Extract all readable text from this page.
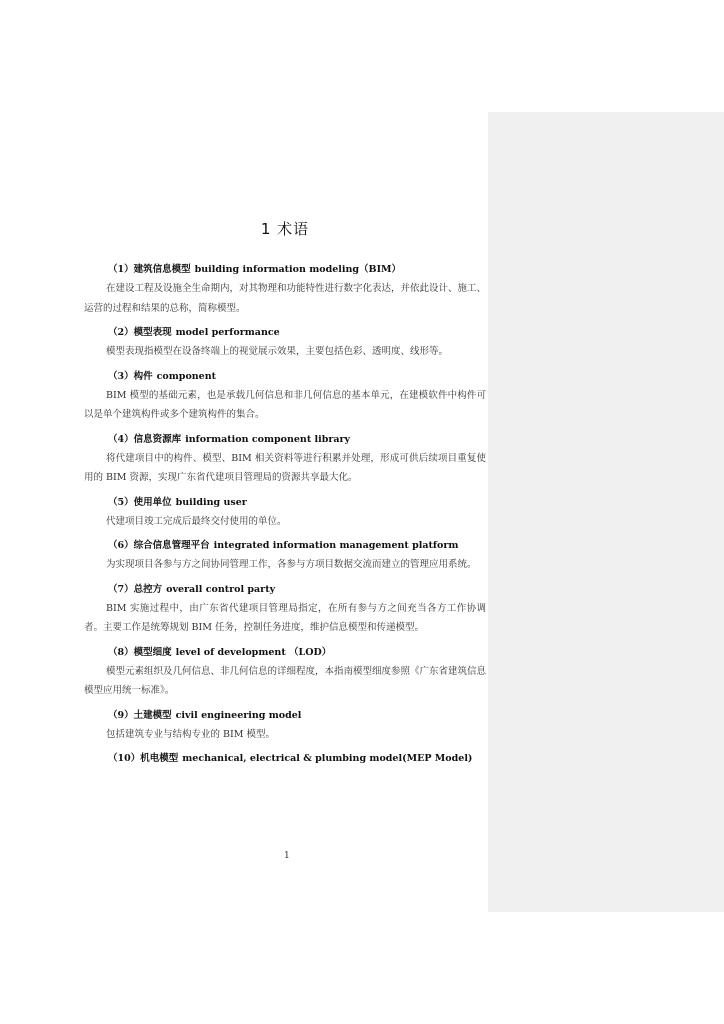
1 术语
（1）建筑信息模型 building information modeling（BIM）
在建设工程及设施全生命期内，对其物理和功能特性进行数字化表达，并依此设计、施工、运营的过程和结果的总称，简称模型。
（2）模型表现 model performance
模型表现指模型在设备终端上的视觉展示效果，主要包括色彩、透明度、线形等。
（3）构件 component
BIM 模型的基础元素，也是承载几何信息和非几何信息的基本单元，在建模软件中构件可以是单个建筑构件或多个建筑构件的集合。
（4）信息资源库 information component library
将代建项目中的构件、模型、BIM 相关资料等进行积累并处理，形成可供后续项目重复使用的 BIM 资源，实现广东省代建项目管理局的资源共享最大化。
（5）使用单位 building user
代建项目竣工完成后最终交付使用的单位。
（6）综合信息管理平台 integrated information management platform
为实现项目各参与方之间协同管理工作，各参与方项目数据交流而建立的管理应用系统。
（7）总控方 overall control party
BIM 实施过程中，由广东省代建项目管理局指定，在所有参与方之间充当各方工作协调者。主要工作是统筹规划 BIM 任务，控制任务进度，维护信息模型和传递模型。
（8）模型细度 level of development （LOD）
模型元素组织及几何信息、非几何信息的详细程度，本指南模型细度参照《广东省建筑信息模型应用统一标准》。
（9）土建模型 civil engineering model
包括建筑专业与结构专业的 BIM 模型。
（10）机电模型 mechanical, electrical & plumbing model(MEP Model)
1
